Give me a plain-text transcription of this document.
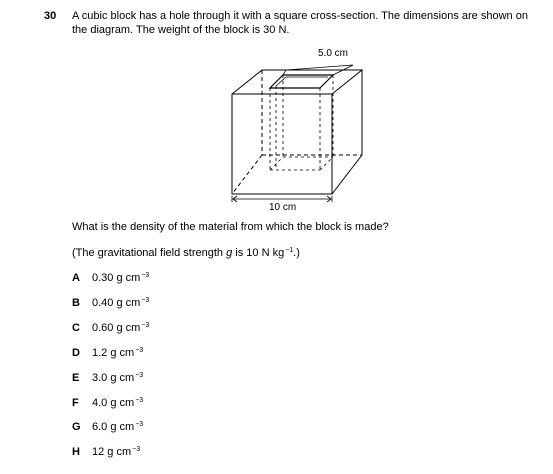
30 A cubic block has a hole through it with a square cross-section. The dimensions are shown on

the diagram. The weight of the block is 30 N.

5.0 cm
10 cm
What is the density of the material from which the block is made?
(The gravitational field strength g is 10 N $kg^{-1}$.)
A	0.30 g $cm^{-3}$
B	0.40 g $cm^{-3}$
C	0.60 g $cm^{-3}$
D	1.2 g $cm^{-3}$
E	3.0 g $cm^{-3}$
F	4.0 g $cm^{-3}$
G	6.0 g $cm^{-3}$
H	12 g $cm^{-3}$
